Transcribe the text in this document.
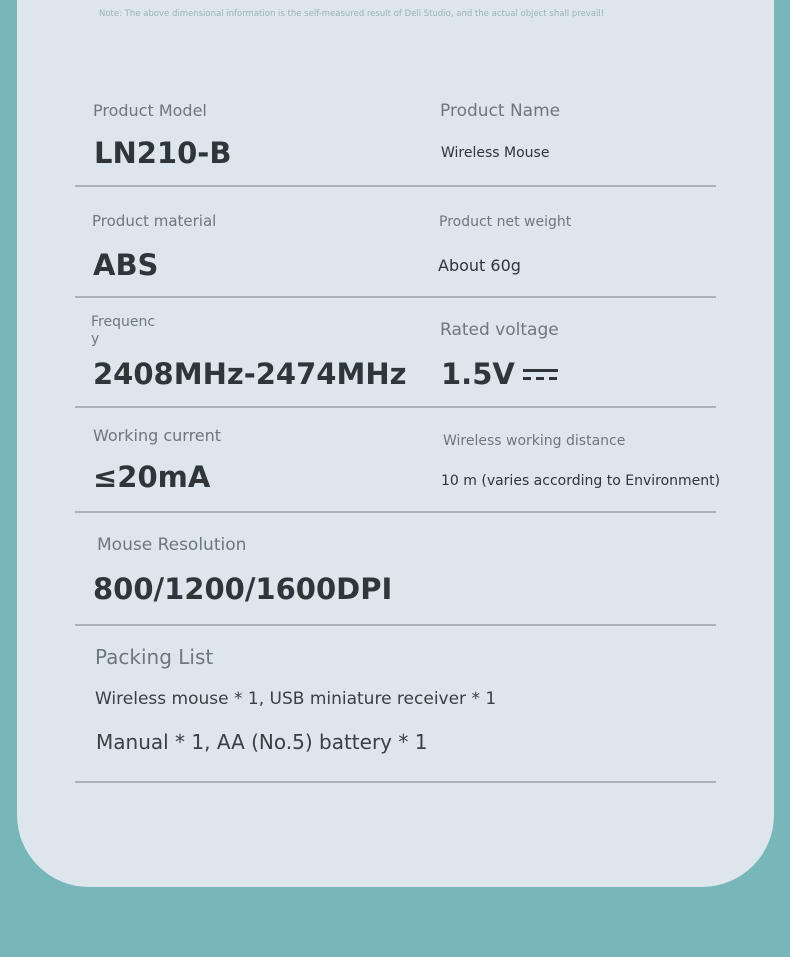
Note: The above dimensional information is the self-measured result of Deli Studio, and the actual object shall prevail!
Product Model
LN210-B
Product Name
Wireless Mouse
Product material
ABS
Product net weight
About 60g
Frequenc
y
2408MHz-2474MHz
Rated voltage
1.5V
Working current
≤20mA
Wireless working distance
10 m (varies according to Environment)
Mouse Resolution
800/1200/1600DPI
Packing List
Wireless mouse * 1, USB miniature receiver * 1
Manual * 1, AA (No.5) battery * 1
